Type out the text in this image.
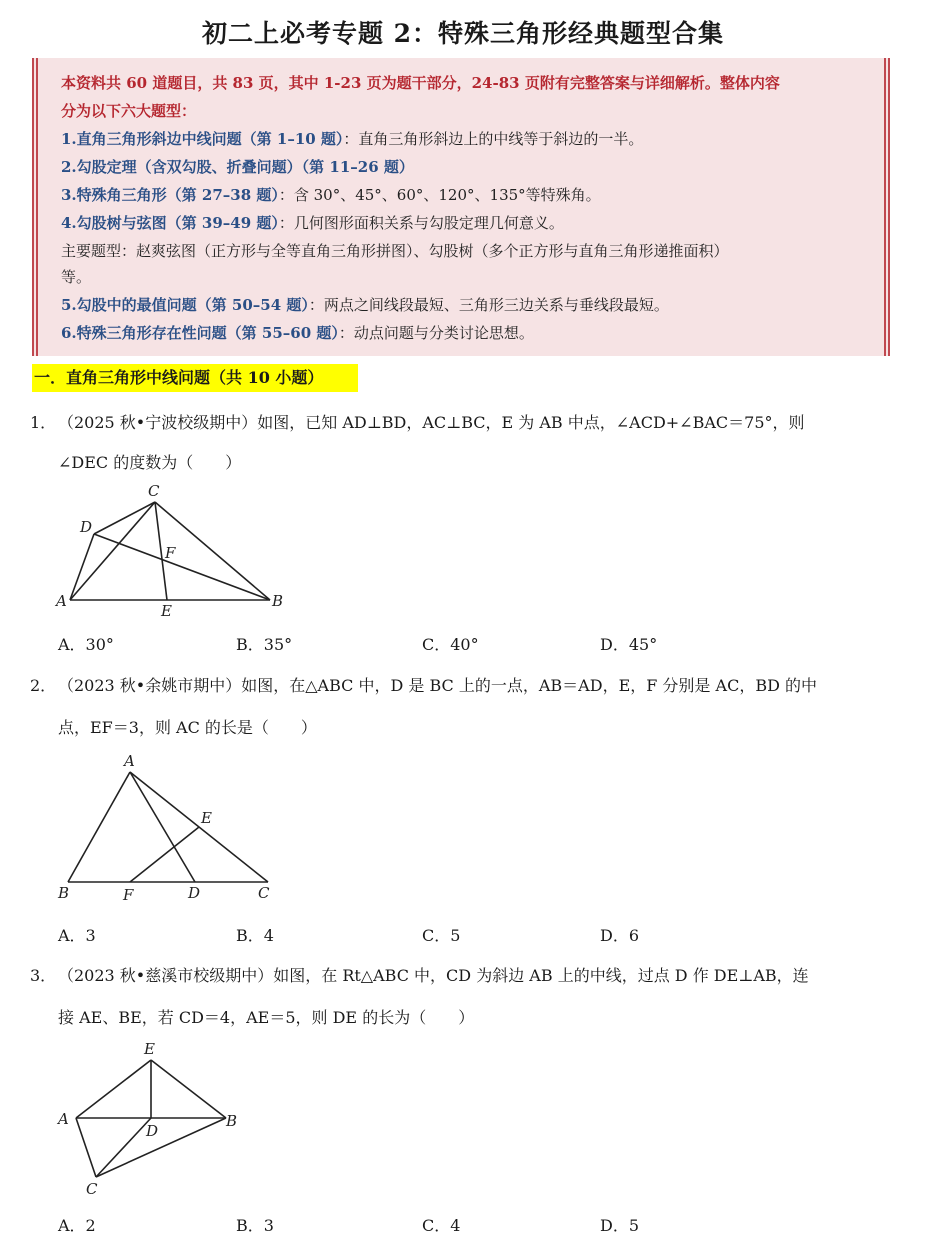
初二上必考专题 2：特殊三角形经典题型合集
本资料共 60 道题目，共 83 页，其中 1-23 页为题干部分，24-83 页附有完整答案与详细解析。整体内容
分为以下六大题型：
1.直角三角形斜边中线问题（第 1–10 题）：直角三角形斜边上的中线等于斜边的一半。
2.勾股定理（含双勾股、折叠问题）（第 11–26 题）
3.特殊角三角形（第 27–38 题）：含 30°、45°、60°、120°、135°等特殊角。
4.勾股树与弦图（第 39–49 题）：几何图形面积关系与勾股定理几何意义。
主要题型：赵爽弦图（正方形与全等直角三角形拼图）、勾股树（多个正方形与直角三角形递推面积）
等。
5.勾股中的最值问题（第 50–54 题）：两点之间线段最短、三角形三边关系与垂线段最短。
6.特殊三角形存在性问题（第 55–60 题）：动点问题与分类讨论思想。
一．直角三角形中线问题（共 10 小题）
1． （2025 秋•宁波校级期中）如图，已知 AD⊥BD，AC⊥BC，E 为 AB 中点，∠ACD+∠BAC＝75°，则
∠DEC 的度数为（　　）
C
D
F
A
E
B
A．30°	B．35°	C．40°	D．45°
2． （2023 秋•余姚市期中）如图，在△ABC 中，D 是 BC 上的一点，AB＝AD，E，F 分别是 AC，BD 的中
点，EF＝3，则 AC 的长是（　　）
A
E
B	F	D	C
A．3	B．4	C．5	D．6
3． （2023 秋•慈溪市校级期中）如图，在 Rt△ABC 中，CD 为斜边 AB 上的中线，过点 D 作 DE⊥AB，连
接 AE、BE，若 CD＝4，AE＝5，则 DE 的长为（　　）
E
A
D
B
C
A．2	B．3	C．4	D．5
